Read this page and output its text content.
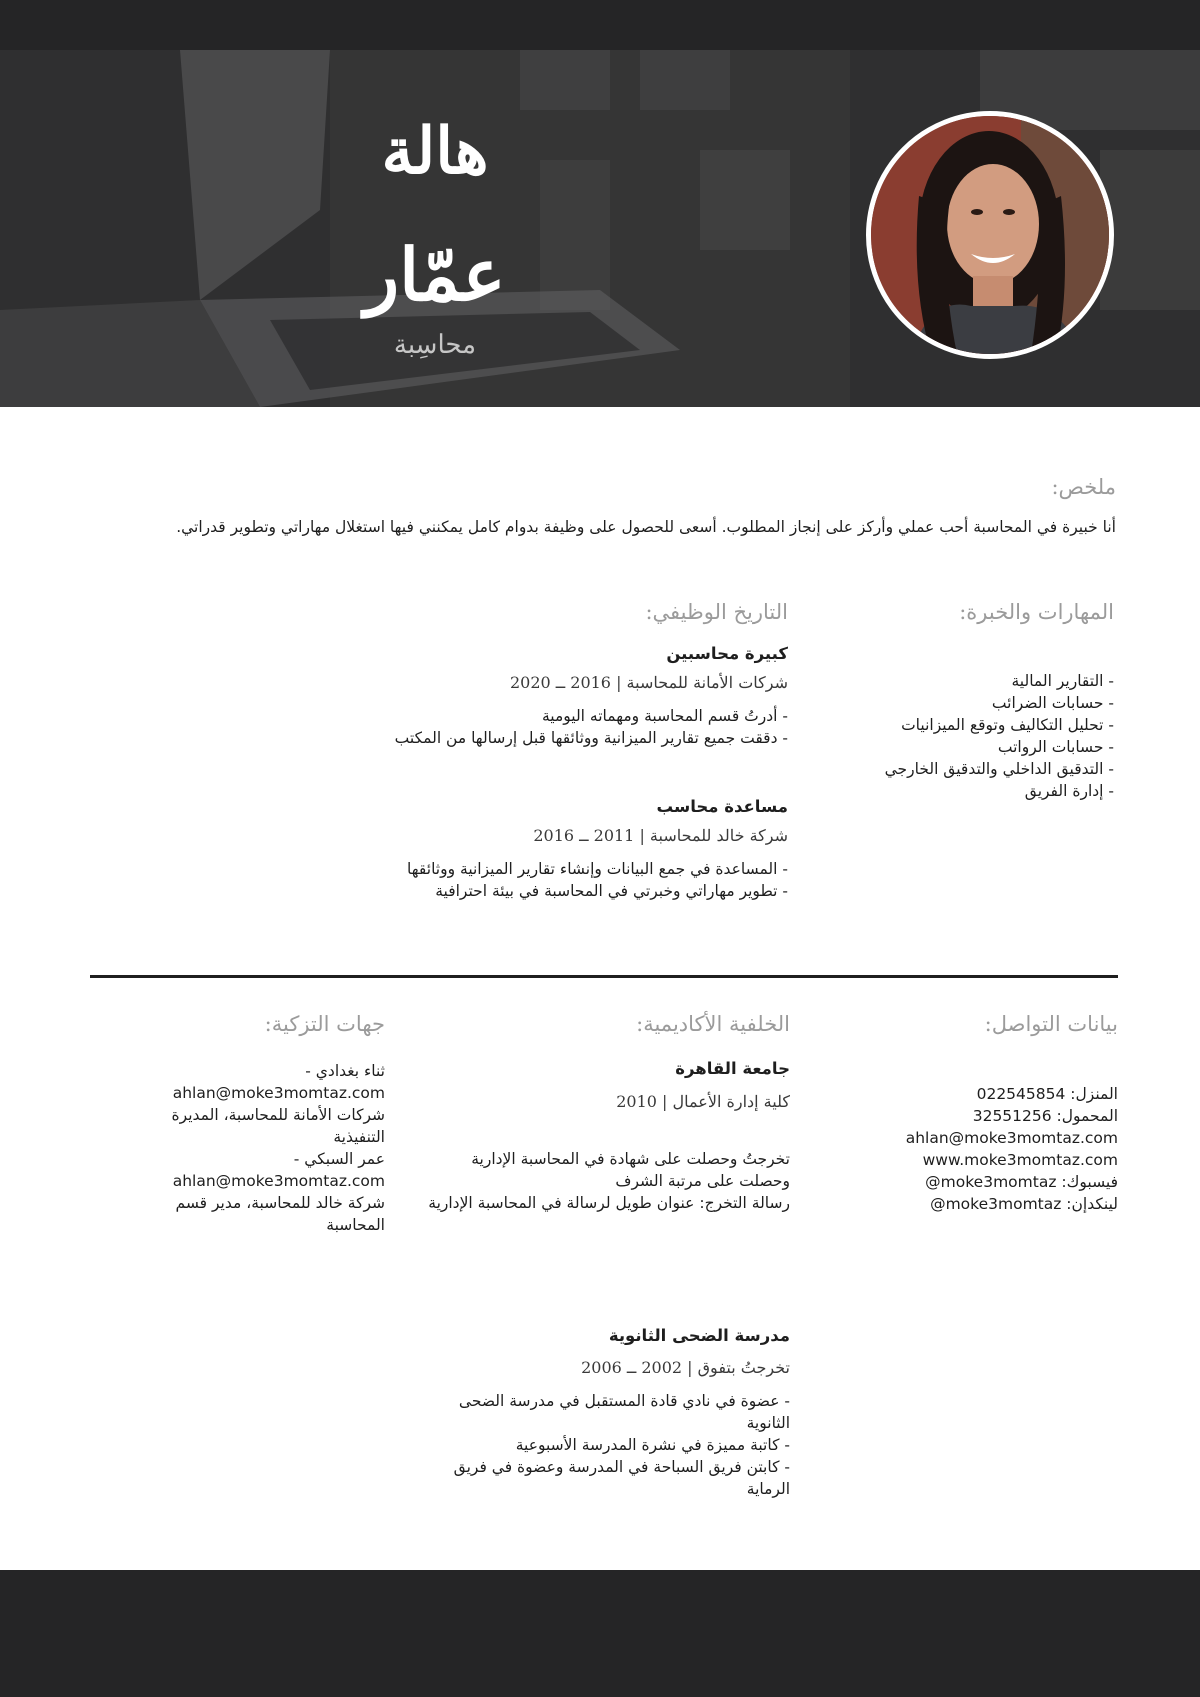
هالة
عمّار
محاسِبة
ملخص:
أنا خبيرة في المحاسبة أحب عملي وأركز على إنجاز المطلوب. أسعى للحصول على وظيفة بدوام كامل يمكنني فيها استغلال مهاراتي وتطوير قدراتي.
المهارات والخبرة:
- التقارير المالية
- حسابات الضرائب
- تحليل التكاليف وتوقع الميزانيات
- حسابات الرواتب
- التدقيق الداخلي والتدقيق الخارجي
- إدارة الفريق
التاريخ الوظيفي:
كبيرة محاسبين
شركات الأمانة للمحاسبة | 2016 ــ 2020
- أدرتُ قسم المحاسبة ومهماته اليومية
- دققت جميع تقارير الميزانية ووثائقها قبل إرسالها من المكتب
مساعدة محاسب
شركة خالد للمحاسبة | 2011 ــ 2016
- المساعدة في جمع البيانات وإنشاء تقارير الميزانية ووثائقها
- تطوير مهاراتي وخبرتي في المحاسبة في بيئة احترافية
بيانات التواصل:
المنزل: 022545854
المحمول: 32551256
ahlan@moke3momtaz.com
www.moke3momtaz.com
فيسبوك: moke3momtaz@
لينكدإن: moke3momtaz@
الخلفية الأكاديمية:
جامعة القاهرة
كلية إدارة الأعمال | 2010
تخرجتُ وحصلت على شهادة في المحاسبة الإدارية وحصلت على مرتبة الشرف
رسالة التخرج: عنوان طويل لرسالة في المحاسبة الإدارية
مدرسة الضحى الثانوية
تخرجتُ بتفوق | 2002 ــ 2006
- عضوة في نادي قادة المستقبل في مدرسة الضحى الثانوية
- كاتبة مميزة في نشرة المدرسة الأسبوعية
- كابتن فريق السباحة في المدرسة وعضوة في فريق الرماية
جهات التزكية:
ثناء بغدادي -
ahlan@moke3momtaz.com
شركات الأمانة للمحاسبة، المديرة التنفيذية
عمر السبكي -
ahlan@moke3momtaz.com
شركة خالد للمحاسبة، مدير قسم المحاسبة
